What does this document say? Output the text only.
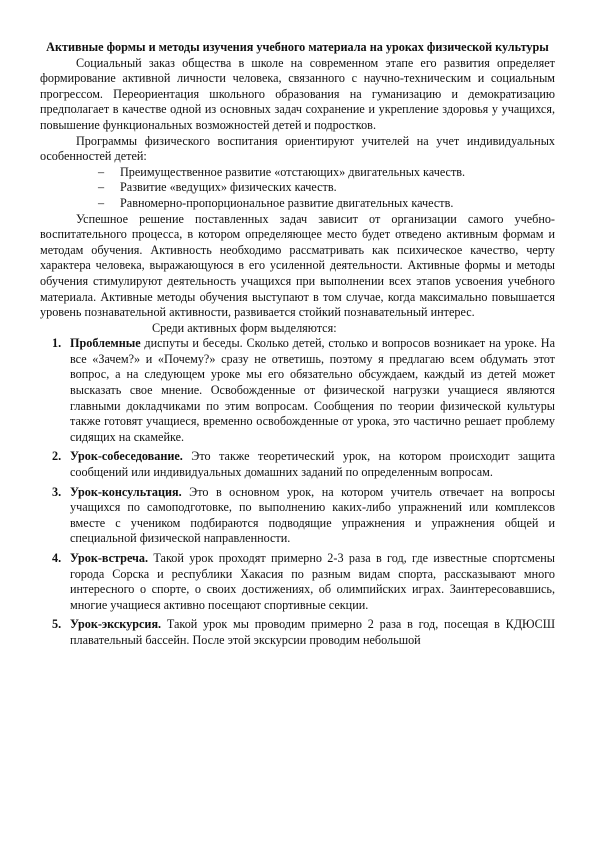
Активные формы и методы изучения учебного материала на уроках физической культуры

Социальный заказ общества в школе на современном этапе его развития определяет формирование активной личности человека, связанного с научно-техническим и социальным прогрессом. Переориентация школьного образования на гуманизацию и демократизацию предполагает в качестве одной из основных задач сохранение и укрепление здоровья у учащихся, повышение функциональных возможностей детей и подростков.

Программы физического воспитания ориентируют учителей на учет индивидуальных особенностей детей:

– Преимущественное развитие «отстающих» двигательных качеств.
– Развитие «ведущих» физических качеств.
– Равномерно-пропорциональное развитие двигательных качеств.

Успешное решение поставленных задач зависит от организации самого учебно-воспитательного процесса, в котором определяющее место будет отведено активным формам и методам обучения. Активность необходимо рассматривать как психическое качество, черту характера человека, выражающуюся в его усиленной деятельности. Активные формы и методы обучения стимулируют деятельность учащихся при выполнении всех этапов усвоения учебного материала. Активные методы обучения выступают в том случае, когда максимально повышается уровень познавательной активности, развивается стойкий познавательный интерес.

Среди активных форм выделяются:

1. Проблемные диспуты и беседы. Сколько детей, столько и вопросов возникает на уроке. На все «Зачем?» и «Почему?» сразу не ответишь, поэтому я предлагаю всем обдумать этот вопрос, а на следующем уроке мы его обязательно обсуждаем, каждый из детей может высказать свое мнение. Освобожденные от физической нагрузки учащиеся являются главными докладчиками по этим вопросам. Сообщения по теории физической культуры также готовят учащиеся, временно освобожденные от урока, это частично решает проблему сидящих на скамейке.
2. Урок-собеседование. Это также теоретический урок, на котором происходит защита сообщений или индивидуальных домашних заданий по определенным вопросам.
3. Урок-консультация. Это в основном урок, на котором учитель отвечает на вопросы учащихся по самоподготовке, по выполнению каких-либо упражнений или комплексов вместе с учеником подбираются подводящие упражнения и упражнения общей и специальной физической направленности.
4. Урок-встреча. Такой урок проходят примерно 2-3 раза в год, где известные спортсмены города Сорска и республики Хакасия по разным видам спорта, рассказывают много интересного о спорте, о своих достижениях, об олимпийских играх. Заинтересовавшись, многие учащиеся активно посещают спортивные секции.
5. Урок-экскурсия. Такой урок мы проводим примерно 2 раза в год, посещая в КДЮСШ плавательный бассейн. После этой экскурсии проводим небольшой
